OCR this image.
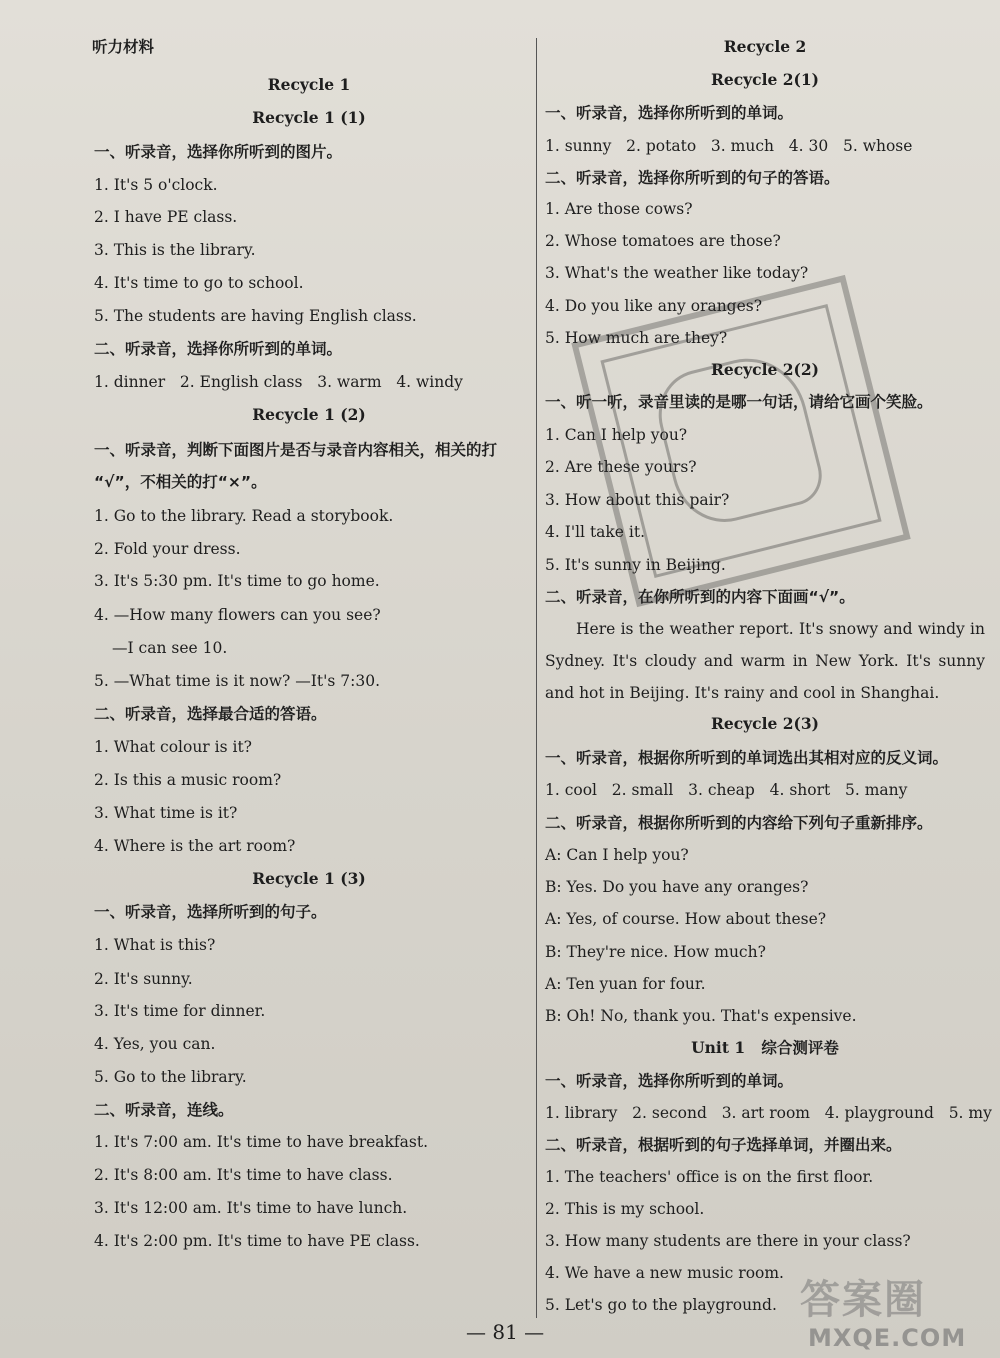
听力材料
Recycle 1
Recycle 1 (1)
一、听录音，选择你所听到的图片。
1. It's 5 o'clock.
2. I have PE class.
3. This is the library.
4. It's time to go to school.
5. The students are having English class.
二、听录音，选择你所听到的单词。
1. dinner   2. English class   3. warm   4. windy
Recycle 1 (2)
一、听录音，判断下面图片是否与录音内容相关，相关的打
“√”，不相关的打“×”。
1. Go to the library. Read a storybook.
2. Fold your dress.
3. It's 5:30 pm. It's time to go home.
4. —How many flowers can you see?
—I can see 10.
5. —What time is it now? —It's 7:30.
二、听录音，选择最合适的答语。
1. What colour is it?
2. Is this a music room?
3. What time is it?
4. Where is the art room?
Recycle 1 (3)
一、听录音，选择所听到的句子。
1. What is this?
2. It's sunny.
3. It's time for dinner.
4. Yes, you can.
5. Go to the library.
二、听录音，连线。
1. It's 7:00 am. It's time to have breakfast.
2. It's 8:00 am. It's time to have class.
3. It's 12:00 am. It's time to have lunch.
4. It's 2:00 pm. It's time to have PE class.
Recycle 2
Recycle 2(1)
一、听录音，选择你所听到的单词。
1. sunny   2. potato   3. much   4. 30   5. whose
二、听录音，选择你所听到的句子的答语。
1. Are those cows?
2. Whose tomatoes are those?
3. What's the weather like today?
4. Do you like any oranges?
5. How much are they?
Recycle 2(2)
一、听一听，录音里读的是哪一句话，请给它画个笑脸。
1. Can I help you?
2. Are these yours?
3. How about this pair?
4. I'll take it.
5. It's sunny in Beijing.
二、听录音，在你所听到的内容下面画“√”。
Here is the weather report. It's snowy and windy in Sydney. It's cloudy and warm in New York. It's sunny and hot in Beijing. It's rainy and cool in Shanghai.
Recycle 2(3)
一、听录音，根据你所听到的单词选出其相对应的反义词。
1. cool   2. small   3. cheap   4. short   5. many
二、听录音，根据你所听到的内容给下列句子重新排序。
A: Can I help you?
B: Yes. Do you have any oranges?
A: Yes, of course. How about these?
B: They're nice. How much?
A: Ten yuan for four.
B: Oh! No, thank you. That's expensive.
Unit 1   综合测评卷
一、听录音，选择你所听到的单词。
1. library   2. second   3. art room   4. playground   5. my
二、听录音，根据听到的句子选择单词，并圈出来。
1. The teachers' office is on the first floor.
2. This is my school.
3. How many students are there in your class?
4. We have a new music room.
5. Let's go to the playground.
— 81 —
答案圈
MXQE.COM
